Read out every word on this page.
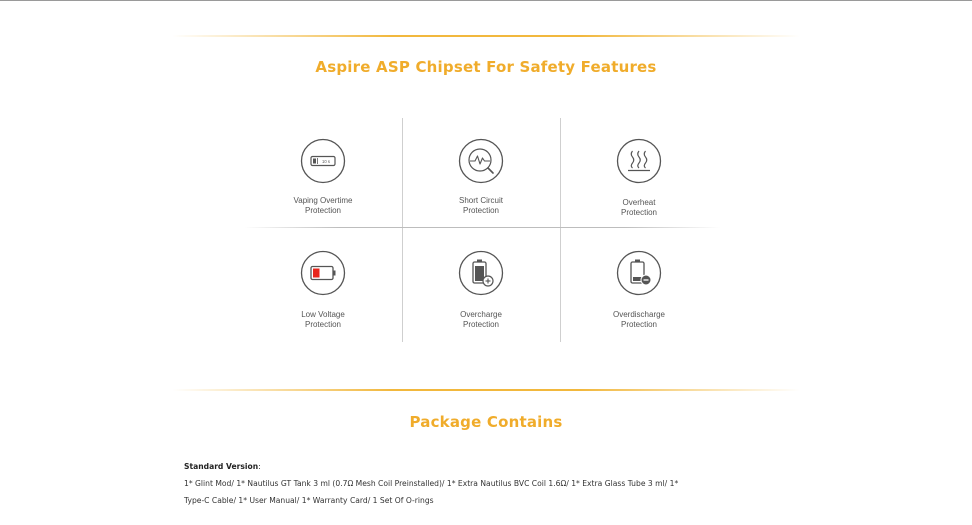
Aspire ASP Chipset For Safety Features
10 s
Vaping Overtime
Protection
Short Circuit
Protection
Overheat
Protection
Low Voltage
Protection
Overcharge
Protection
Overdischarge
Protection
Package Contains
Standard Version:
1* Glint Mod/ 1* Nautilus GT Tank 3 ml (0.7Ω Mesh Coil Preinstalled)/ 1* Extra Nautilus BVC Coil 1.6Ω/ 1* Extra Glass Tube 3 ml/ 1*
Type-C Cable/ 1* User Manual/ 1* Warranty Card/ 1 Set Of O-rings
